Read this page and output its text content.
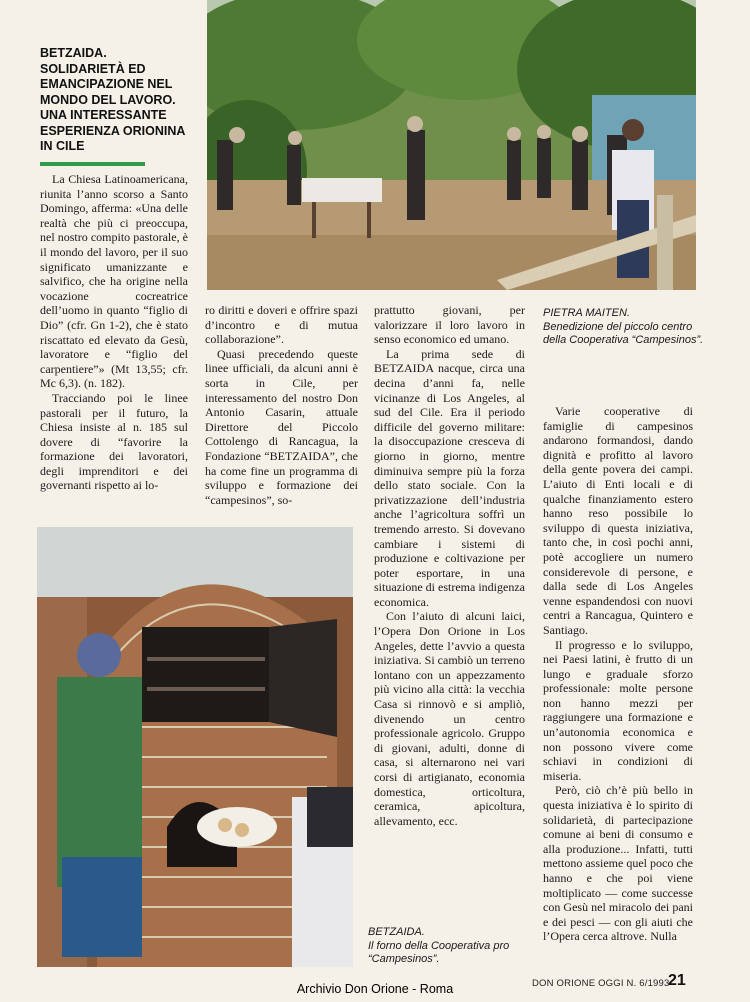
BETZAIDA.
SOLIDARIETÀ ED
EMANCIPAZIONE NEL
MONDO DEL LAVORO.
UNA INTERESSANTE
ESPERIENZA ORIONINA
IN CILE
PIETRA MAITEN.
Benedizione del piccolo centro della Cooperativa “Campesinos”.

La Chiesa Latinoamericana, riunita l’anno scorso a Santo Domingo, afferma: «Una delle realtà che più ci preoccupa, nel nostro compito pastorale, è il mondo del lavoro, per il suo significato umanizzante e salvifico, che ha origine nella vocazione cocreatrice dell’uomo in quanto “figlio di Dio” (cfr. Gn 1-2), che è stato riscattato ed elevato da Gesù, lavoratore e “figlio del carpentiere”» (Mt 13,55; cfr. Mc 6,3). (n. 182).

Tracciando poi le linee pastorali per il futuro, la Chiesa insiste al n. 185 sul dovere di “favorire la formazione dei lavoratori, degli imprenditori e dei governanti rispetto ai lo-

ro diritti e doveri e offrire spazi d’incontro e di mutua collaborazione”.

Quasi precedendo queste linee ufficiali, da alcuni anni è sorta in Cile, per interessamento del nostro Don Antonio Casarin, attuale Direttore del Piccolo Cottolengo di Rancagua, la Fondazione “BETZAIDA”, che ha come fine un programma di sviluppo e formazione dei “campesinos”, so-

prattutto giovani, per valorizzare il loro lavoro in senso economico ed umano.

La prima sede di BETZAIDA nacque, circa una decina d’anni fa, nelle vicinanze di Los Angeles, al sud del Cile. Era il periodo difficile del governo militare: la disoccupazione cresceva di giorno in giorno, mentre diminuiva sempre più la forza dello stato sociale. Con la privatizzazione dell’industria anche l’agricoltura soffrì un tremendo arresto. Si dovevano cambiare i sistemi di produzione e coltivazione per poter esportare, in una situazione di estrema indigenza economica.

Con l’aiuto di alcuni laici, l’Opera Don Orione in Los Angeles, dette l’avvio a questa iniziativa. Si cambiò un terreno lontano con un appezzamento più vicino alla città: la vecchia Casa si rinnovò e si ampliò, divenendo un centro professionale agricolo. Gruppo di giovani, adulti, donne di casa, si alternarono nei vari corsi di artigianato, economia domestica, orticoltura, ceramica, apicoltura, allevamento, ecc.

Varie cooperative di famiglie di campesinos andarono formandosi, dando dignità e profitto al lavoro della gente povera dei campi. L’aiuto di Enti locali e di qualche finanziamento estero hanno reso possibile lo sviluppo di questa iniziativa, tanto che, in così pochi anni, potè accogliere un numero considerevole di persone, e dalla sede di Los Angeles venne espandendosi con nuovi centri a Rancagua, Quintero e Santiago.

Il progresso e lo sviluppo, nei Paesi latini, è frutto di un lungo e graduale sforzo professionale: molte persone non hanno mezzi per raggiungere una formazione e un’autonomia economica e non possono vivere come schiavi in condizioni di miseria.

Però, ciò ch’è più bello in questa iniziativa è lo spirito di solidarietà, di partecipazione comune ai beni di consumo e alla produzione... Infatti, tutti mettono assieme quel poco che hanno e che poi viene moltiplicato — come successe con Gesù nel miracolo dei pani e dei pesci — con gli aiuti che l’Opera cerca altrove. Nulla

BETZAIDA.
Il forno della Cooperativa pro “Campesinos”.
DON ORIONE OGGI N. 6/1993
21
Archivio Don Orione - Roma
